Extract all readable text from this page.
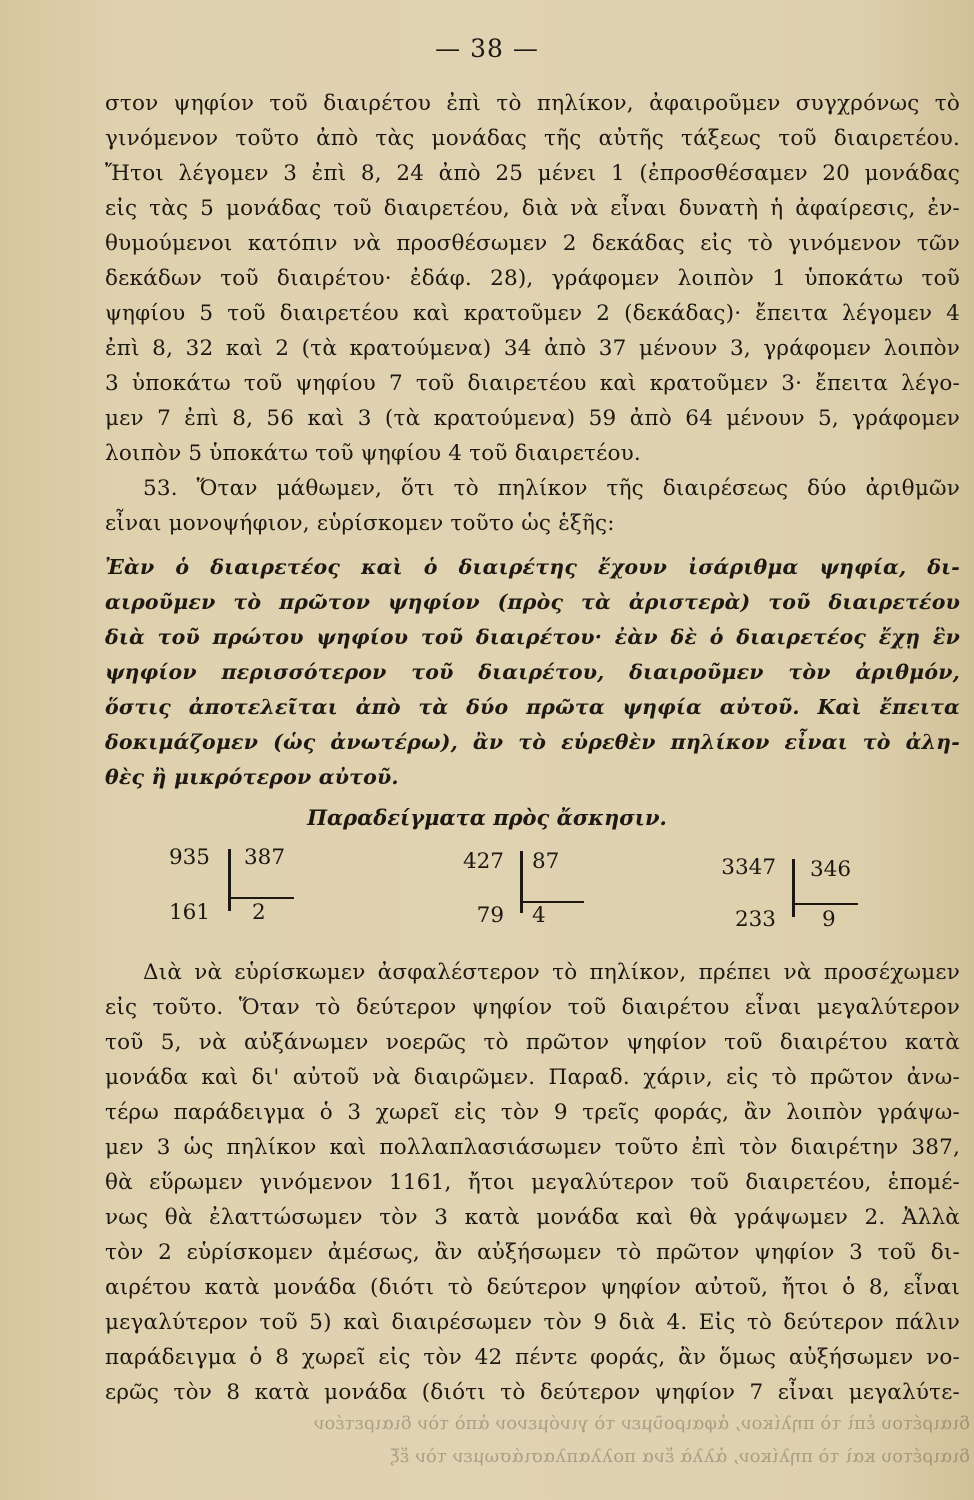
— 38 —
στον ψηφίον τοῦ διαιρέτου ἐπὶ τὸ πηλίκον, ἀφαιροῦμεν συγχρόνως τὸ
γινόμενον τοῦτο ἀπὸ τὰς μονάδας τῆς αὐτῆς τάξεως τοῦ διαιρετέου.
Ἤτοι λέγομεν 3 ἐπὶ 8, 24 ἀπὸ 25 μένει 1 (ἐπροσθέσαμεν 20 μονάδας
εἰς τὰς 5 μονάδας τοῦ διαιρετέου, διὰ νὰ εἶναι δυνατὴ ἡ ἀφαίρεσις, ἐν-
θυμούμενοι κατόπιν νὰ προσθέσωμεν 2 δεκάδας εἰς τὸ γινόμενον τῶν
δεκάδων τοῦ διαιρέτου· ἐδάφ. 28), γράφομεν λοιπὸν 1 ὑποκάτω τοῦ
ψηφίου 5 τοῦ διαιρετέου καὶ κρατοῦμεν 2 (δεκάδας)· ἔπειτα λέγομεν 4
ἐπὶ 8, 32 καὶ 2 (τὰ κρατούμενα) 34 ἀπὸ 37 μένουν 3, γράφομεν λοιπὸν
3 ὑποκάτω τοῦ ψηφίου 7 τοῦ διαιρετέου καὶ κρατοῦμεν 3· ἔπειτα λέγο-
μεν 7 ἐπὶ 8, 56 καὶ 3 (τὰ κρατούμενα) 59 ἀπὸ 64 μένουν 5, γράφομεν
λοιπὸν 5 ὑποκάτω τοῦ ψηφίου 4 τοῦ διαιρετέου.
53. Ὅταν μάθωμεν, ὅτι τὸ πηλίκον τῆς διαιρέσεως δύο ἀριθμῶν
εἶναι μονοψήφιον, εὑρίσκομεν τοῦτο ὡς ἑξῆς:
Ἐὰν ὁ διαιρετέος καὶ ὁ διαιρέτης ἔχουν ἰσάριθμα ψηφία, δι-
αιροῦμεν τὸ πρῶτον ψηφίον (πρὸς τὰ ἀριστερὰ) τοῦ διαιρετέου
διὰ τοῦ πρώτου ψηφίου τοῦ διαιρέτου· ἐὰν δὲ ὁ διαιρετέος ἔχῃ ἓν
ψηφίον περισσότερον τοῦ διαιρέτου, διαιροῦμεν τὸν ἀριθμόν,
ὅστις ἀποτελεῖται ἀπὸ τὰ δύο πρῶτα ψηφία αὐτοῦ. Καὶ ἔπειτα
δοκιμάζομεν (ὡς ἀνωτέρω), ἂν τὸ εὑρεθὲν πηλίκον εἶναι τὸ ἀλη-
θὲς ἢ μικρότερον αὐτοῦ.
Παραδείγματα πρὸς ἄσκησιν.
935 387
161 2
427 87
79 4
3347 346
233 9
Διὰ νὰ εὑρίσκωμεν ἀσφαλέστερον τὸ πηλίκον, πρέπει νὰ προσέχωμεν
εἰς τοῦτο. Ὅταν τὸ δεύτερον ψηφίον τοῦ διαιρέτου εἶναι μεγαλύτερον
τοῦ 5, νὰ αὐξάνωμεν νοερῶς τὸ πρῶτον ψηφίον τοῦ διαιρέτου κατὰ
μονάδα καὶ δι' αὐτοῦ νὰ διαιρῶμεν. Παραδ. χάριν, εἰς τὸ πρῶτον ἀνω-
τέρω παράδειγμα ὁ 3 χωρεῖ εἰς τὸν 9 τρεῖς φοράς, ἂν λοιπὸν γράψω-
μεν 3 ὡς πηλίκον καὶ πολλαπλασιάσωμεν τοῦτο ἐπὶ τὸν διαιρέτην 387,
θὰ εὕρωμεν γινόμενον 1161, ἤτοι μεγαλύτερον τοῦ διαιρετέου, ἑπομέ-
νως θὰ ἐλαττώσωμεν τὸν 3 κατὰ μονάδα καὶ θὰ γράψωμεν 2. Ἀλλὰ
τὸν 2 εὑρίσκομεν ἀμέσως, ἂν αὐξήσωμεν τὸ πρῶτον ψηφίον 3 τοῦ δι-
αιρέτου κατὰ μονάδα (διότι τὸ δεύτερον ψηφίον αὐτοῦ, ἤτοι ὁ 8, εἶναι
μεγαλύτερον τοῦ 5) καὶ διαιρέσωμεν τὸν 9 διὰ 4. Εἰς τὸ δεύτερον πάλιν
παράδειγμα ὁ 8 χωρεῖ εἰς τὸν 42 πέντε φοράς, ἂν ὅμως αὐξήσωμεν νο-
ερῶς τὸν 8 κατὰ μονάδα (διότι τὸ δεύτερον ψηφίον 7 εἶναι μεγαλύτε-
διαιρέτου ἐπὶ τὸ πηλίκον, ἀφαιροῦμεν τὸ γινόμενον ἀπὸ τὸν διαιρετέον
διαιρέτου καὶ τὸ πηλίκον, ἀλλὰ ἕνα πολλαπλασιάσωμεν τὸν ἕξ
